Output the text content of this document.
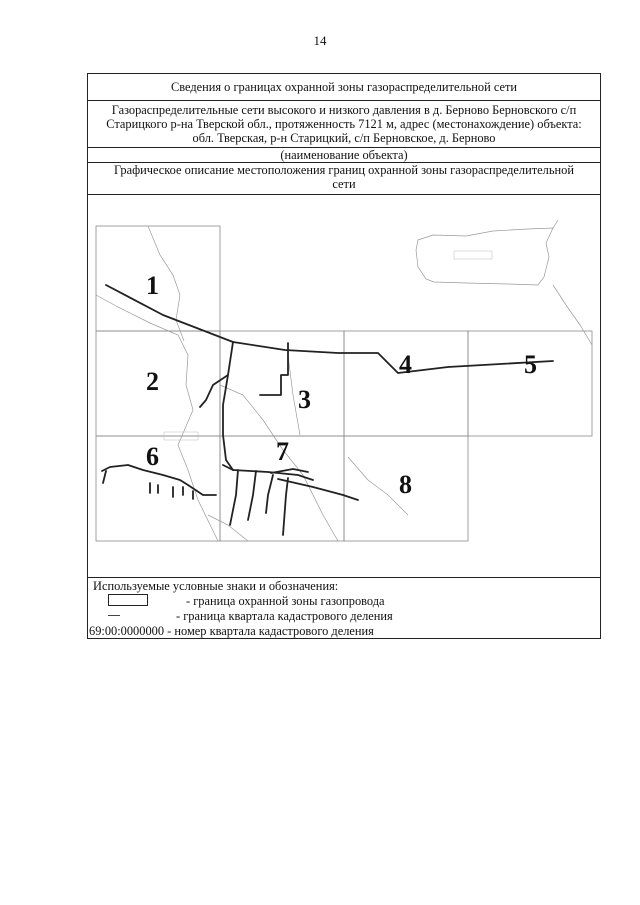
14
Сведения о границах охранной зоны газораспределительной сети
Газораспределительные сети высокого и низкого давления в д. Берново Берновского с/п
Старицкого р-на Тверской обл., протяженность 7121 м, адрес (местонахождение) объекта:
обл. Тверская, р-н Старицкий, с/п Берновское, д. Берново
(наименование объекта)
Графическое описание местоположения границ охранной зоны газораспределительной
сети
1
2
3
4	5
6	7
8
Используемые условные знаки и обозначения:
- граница охранной зоны газопровода
- граница квартала кадастрового деления
69:00:0000000 - номер квартала кадастрового деления
